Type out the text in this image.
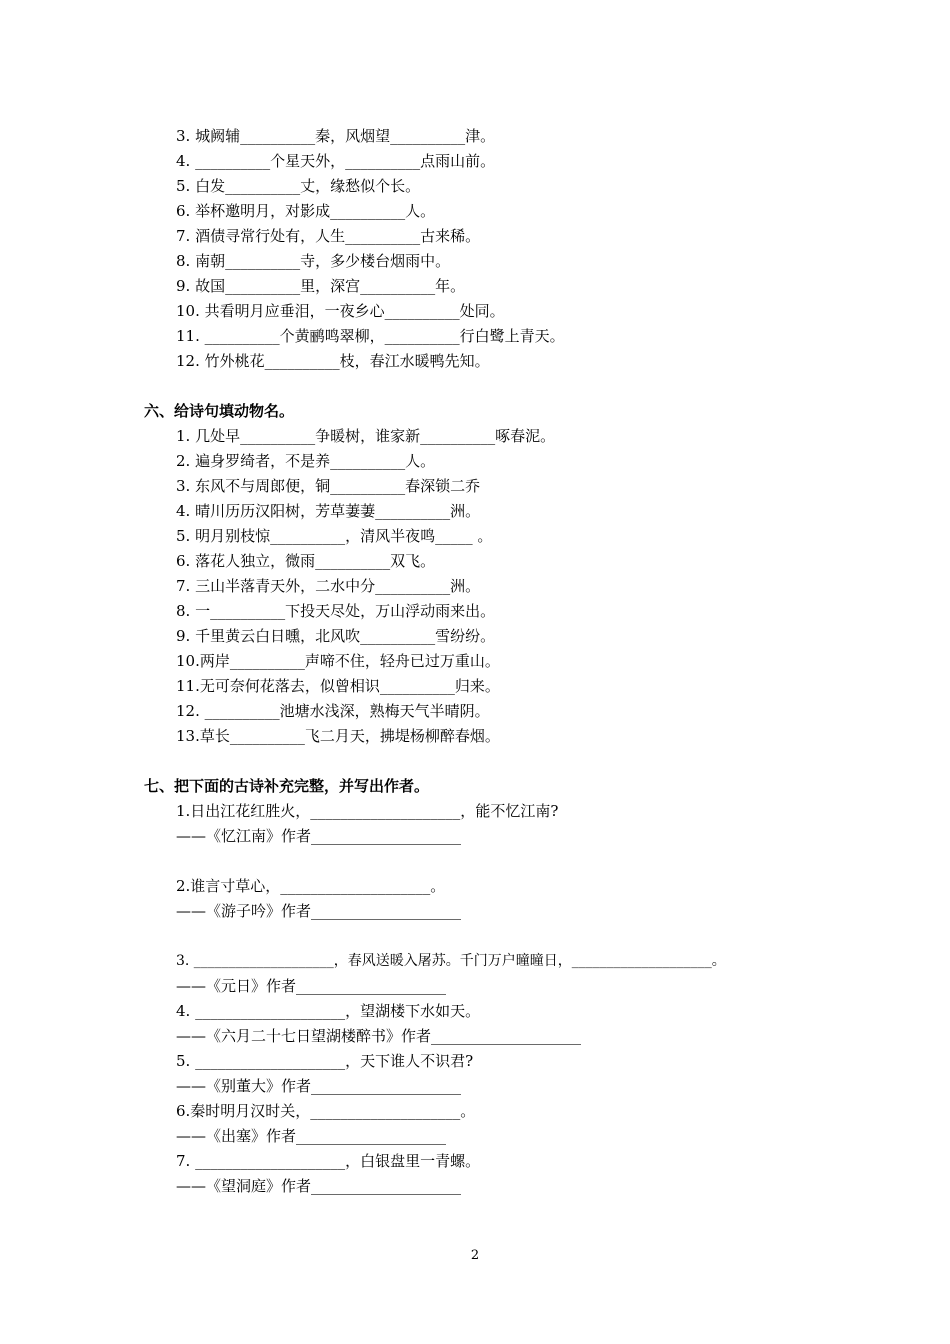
3. 城阙辅__________秦，风烟望__________津。
4. __________个星天外，__________点雨山前。
5. 白发__________丈，缘愁似个长。
6. 举杯邀明月，对影成__________人。
7. 酒债寻常行处有，人生__________古来稀。
8. 南朝__________寺，多少楼台烟雨中。
9. 故国__________里，深宫__________年。
10. 共看明月应垂泪，一夜乡心__________处同。
11. __________个黄鹂鸣翠柳，__________行白鹭上青天。
12. 竹外桃花__________枝，春江水暖鸭先知。
六、给诗句填动物名。
1. 几处早__________争暖树，谁家新__________啄春泥。
2. 遍身罗绮者，不是养__________人。
3. 东风不与周郎便，铜__________春深锁二乔
4. 晴川历历汉阳树，芳草萋萋__________洲。
5. 明月别枝惊__________，清风半夜鸣_____ 。
6. 落花人独立，微雨__________双飞。
7. 三山半落青天外，二水中分__________洲。
8. 一__________下投天尽处，万山浮动雨来出。
9. 千里黄云白日曛，北风吹__________雪纷纷。
10.两岸__________声啼不住，轻舟已过万重山。
11.无可奈何花落去，似曾相识__________归来。
12. __________池塘水浅深，熟梅天气半晴阴。
13.草长__________飞二月天，拂堤杨柳醉春烟。
七、把下面的古诗补充完整，并写出作者。
1.日出江花红胜火，____________________，能不忆江南?
——《忆江南》作者____________________
2.谁言寸草心，____________________。
——《游子吟》作者____________________
3. ____________________，春风送暖入屠苏。千门万户曈曈日，____________________。
——《元日》作者____________________
4. ____________________，望湖楼下水如天。
——《六月二十七日望湖楼醉书》作者____________________
5. ____________________，天下谁人不识君?
——《别董大》作者____________________
6.秦时明月汉时关，____________________。
——《出塞》作者____________________
7. ____________________，白银盘里一青螺。
——《望洞庭》作者____________________
2
